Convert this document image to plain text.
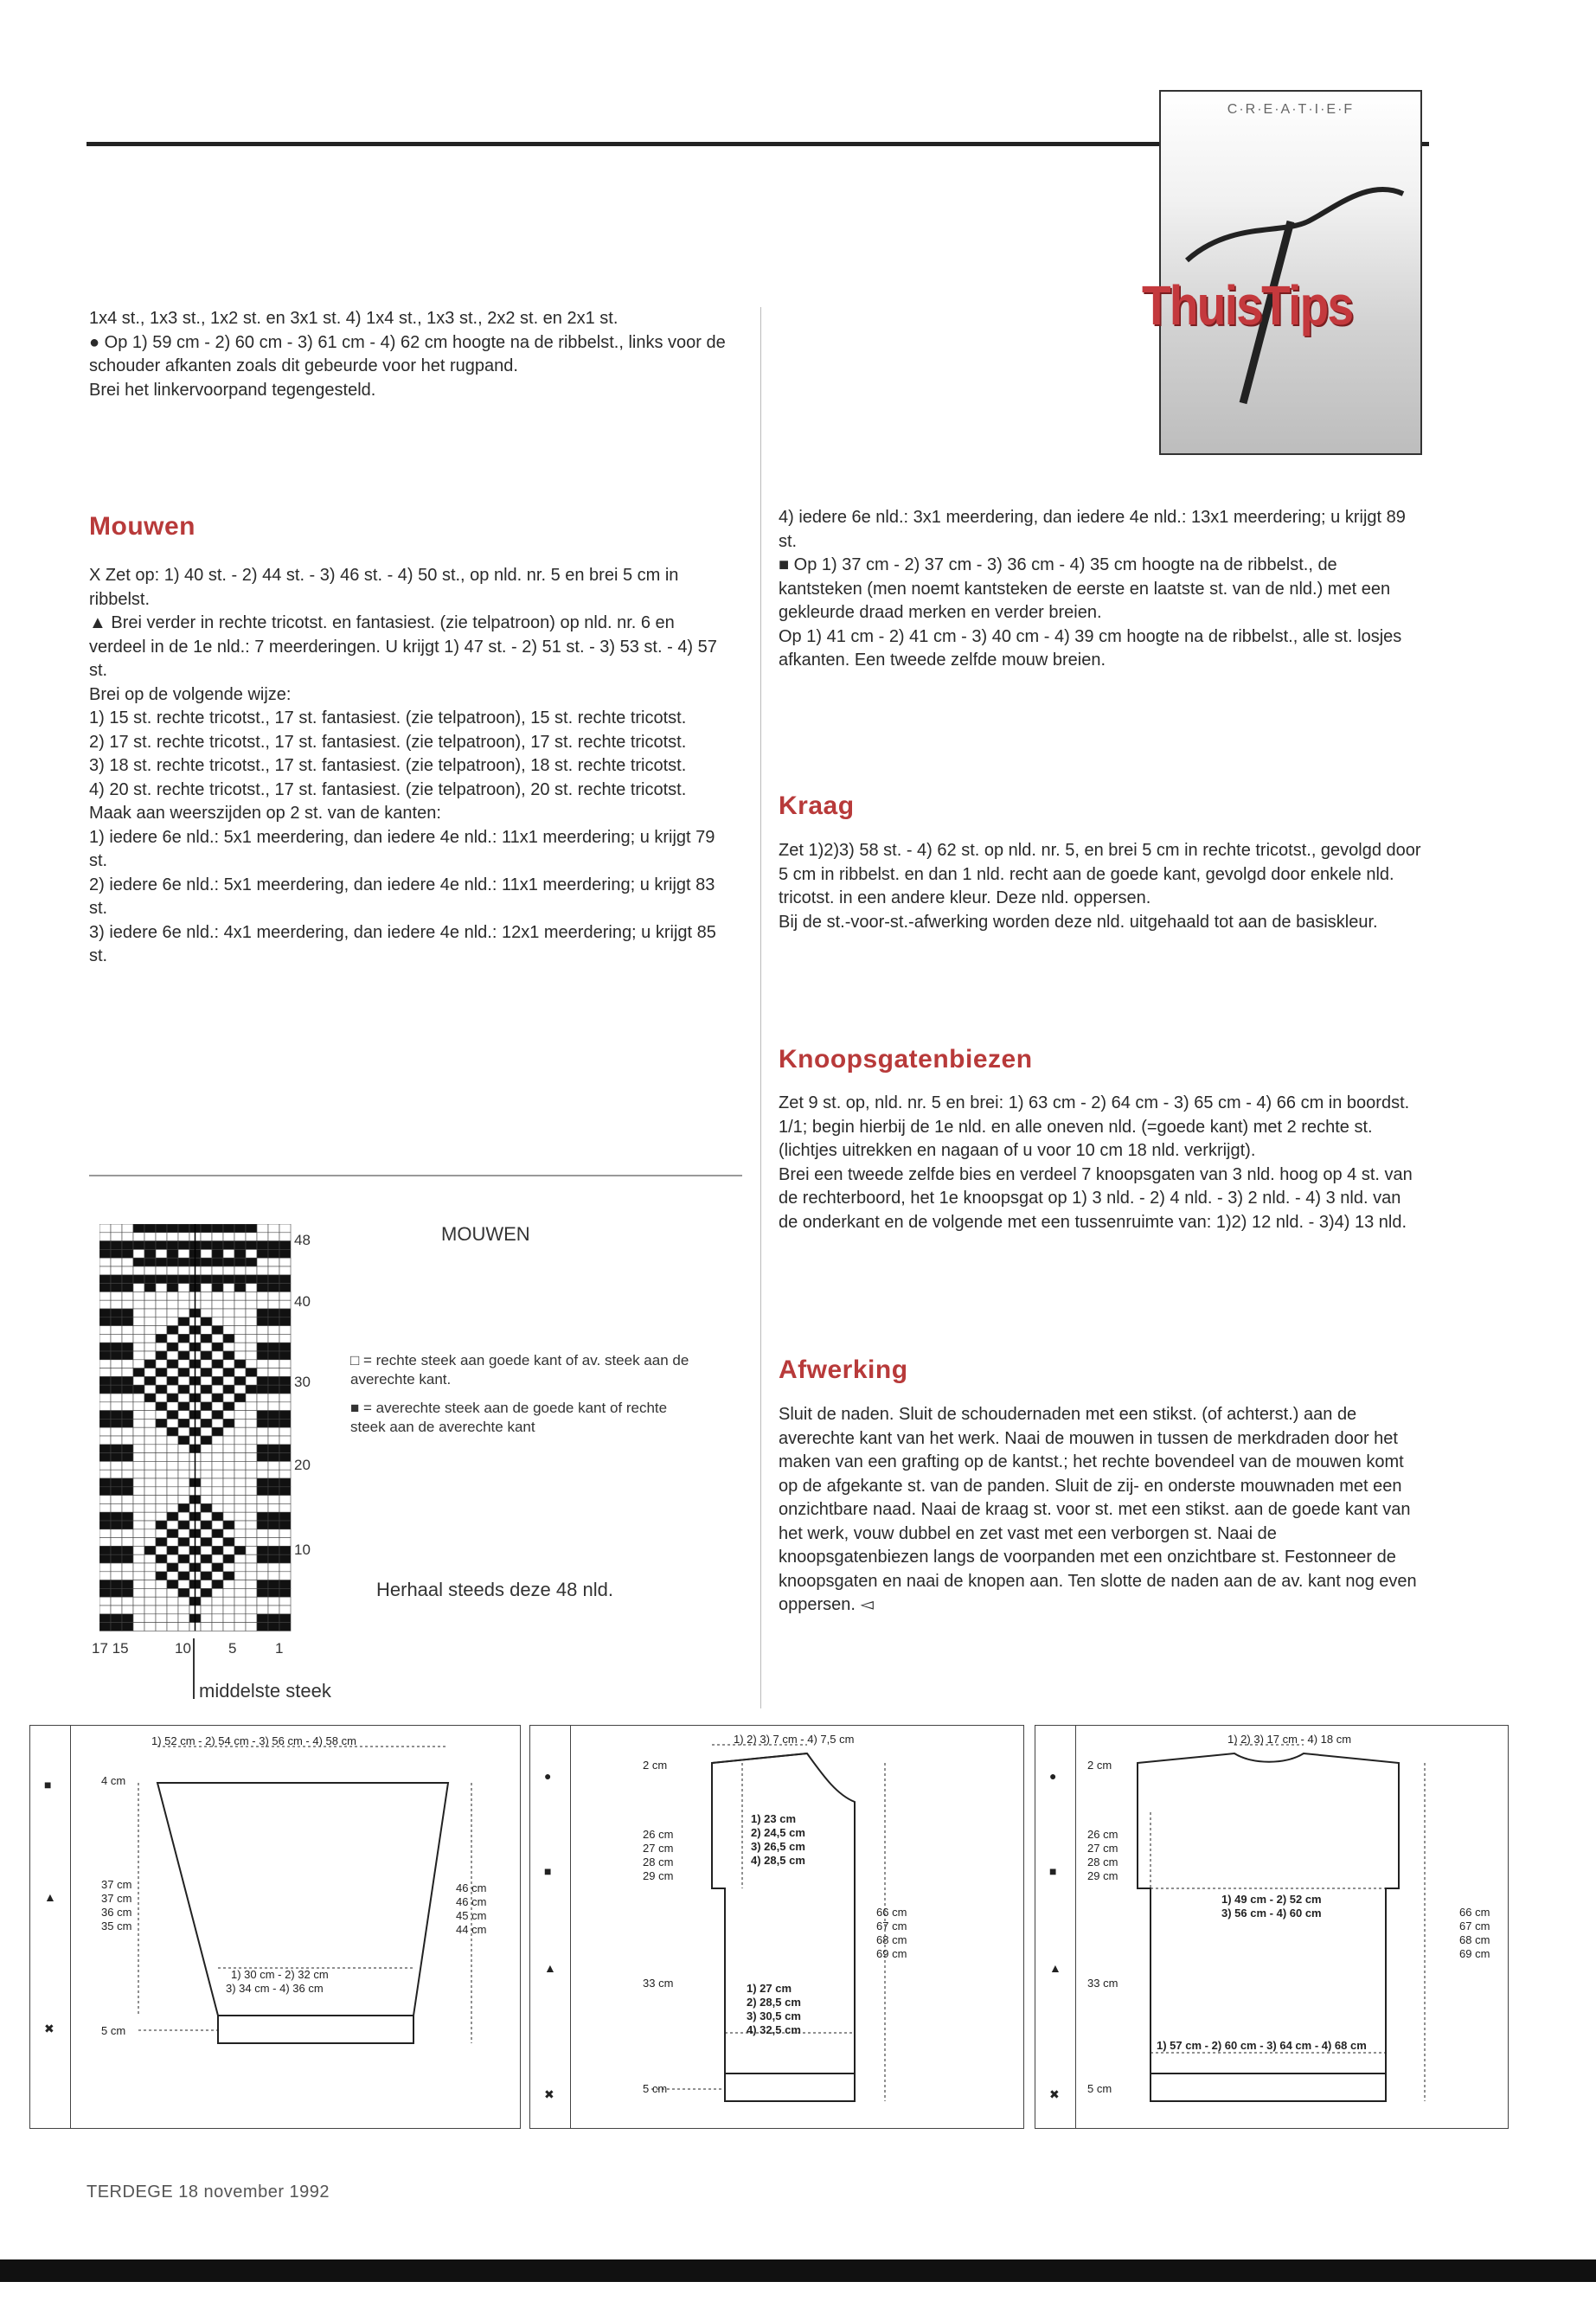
C·R·E·A·T·I·E·F
ThuisTips

1x4 st., 1x3 st., 1x2 st. en 3x1 st. 4) 1x4 st., 1x3 st., 2x2 st. en 2x1 st.

● Op 1) 59 cm - 2) 60 cm - 3) 61 cm - 4) 62 cm hoogte na de ribbelst., links voor de schouder afkanten zoals dit gebeurde voor het rugpand.

Brei het linkervoorpand tegengesteld.

Mouwen

X Zet op: 1) 40 st. - 2) 44 st. - 3) 46 st. - 4) 50 st., op nld. nr. 5 en brei 5 cm in ribbelst.

▲ Brei verder in rechte tricotst. en fantasiest. (zie telpatroon) op nld. nr. 6 en verdeel in de 1e nld.: 7 meerderingen. U krijgt 1) 47 st. - 2) 51 st. - 3) 53 st. - 4) 57 st.

Brei op de volgende wijze:

1) 15 st. rechte tricotst., 17 st. fantasiest. (zie telpatroon), 15 st. rechte tricotst.

2) 17 st. rechte tricotst., 17 st. fantasiest. (zie telpatroon), 17 st. rechte tricotst.

3) 18 st. rechte tricotst., 17 st. fantasiest. (zie telpatroon), 18 st. rechte tricotst.

4) 20 st. rechte tricotst., 17 st. fantasiest. (zie telpatroon), 20 st. rechte tricotst.

Maak aan weerszijden op 2 st. van de kanten:

1) iedere 6e nld.: 5x1 meerdering, dan iedere 4e nld.: 11x1 meerdering; u krijgt 79 st.

2) iedere 6e nld.: 5x1 meerdering, dan iedere 4e nld.: 11x1 meerdering; u krijgt 83 st.

3) iedere 6e nld.: 4x1 meerdering, dan iedere 4e nld.: 12x1 meerdering; u krijgt 85 st.

48
40
30
20
10
17 15	10	5	1
middelste steek
MOUWEN
□ = rechte steek aan goede kant of av. steek aan de averechte kant.
■ = averechte steek aan de goede kant of rechte steek aan de averechte kant
Herhaal steeds deze 48 nld.

4) iedere 6e nld.: 3x1 meerdering, dan iedere 4e nld.: 13x1 meerdering; u krijgt 89 st.

■ Op 1) 37 cm - 2) 37 cm - 3) 36 cm - 4) 35 cm hoogte na de ribbelst., de kantsteken (men noemt kantsteken de eerste en laatste st. van de nld.) met een gekleurde draad merken en verder breien.

Op 1) 41 cm - 2) 41 cm - 3) 40 cm - 4) 39 cm hoogte na de ribbelst., alle st. losjes afkanten. Een tweede zelfde mouw breien.

Kraag

Zet 1)2)3) 58 st. - 4) 62 st. op nld. nr. 5, en brei 5 cm in rechte tricotst., gevolgd door 5 cm in ribbelst. en dan 1 nld. recht aan de goede kant, gevolgd door enkele nld. tricotst. in een andere kleur. Deze nld. oppersen.

Bij de st.-voor-st.-afwerking worden deze nld. uitgehaald tot aan de basiskleur.

Knoopsgatenbiezen

Zet 9 st. op, nld. nr. 5 en brei: 1) 63 cm - 2) 64 cm - 3) 65 cm - 4) 66 cm in boordst. 1/1; begin hierbij de 1e nld. en alle oneven nld. (=goede kant) met 2 rechte st. (lichtjes uitrekken en nagaan of u voor 10 cm 18 nld. verkrijgt).

Brei een tweede zelfde bies en verdeel 7 knoopsgaten van 3 nld. hoog op 4 st. van de rechterboord, het 1e knoopsgat op 1) 3 nld. - 2) 4 nld. - 3) 2 nld. - 4) 3 nld. van de onderkant en de volgende met een tussenruimte van: 1)2) 12 nld. - 3)4) 13 nld.

Afwerking

Sluit de naden. Sluit de schoudernaden met een stikst. (of achterst.) aan de averechte kant van het werk. Naai de mouwen in tussen de merkdraden door het maken van een grafting op de kantst.; het rechte bovendeel van de mouwen komt op de afgekante st. van de panden. Sluit de zij- en onderste mouwnaden met een onzichtbare naad. Naai de kraag st. voor st. met een stikst. aan de goede kant van het werk, vouw dubbel en zet vast met een verborgen st. Naai de knoopsgatenbiezen langs de voorpanden met een onzichtbare st. Festonneer de knoopsgaten en naai de knopen aan. Ten slotte de naden aan de av. kant nog even oppersen. ◅

■
▲
✖
1) 52 cm - 2) 54 cm - 3) 56 cm - 4) 58 cm
4 cm
37 cm
37 cm
36 cm
35 cm
46 cm
46 cm
45 cm
44 cm
1) 30 cm - 2) 32 cm
3) 34 cm - 4) 36 cm
5 cm
●
■
▲
✖
1) 2) 3) 7 cm - 4) 7,5 cm
2 cm
26 cm
27 cm
28 cm
29 cm
1) 23 cm
2) 24,5 cm
3) 26,5 cm
4) 28,5 cm
66 cm
67 cm
68 cm
69 cm
33 cm	1) 27 cm
2) 28,5 cm
3) 30,5 cm
4) 32,5 cm
5 cm
●
■
▲
✖
1) 2) 3) 17 cm - 4) 18 cm
2 cm
26 cm
27 cm
28 cm
29 cm
1) 49 cm - 2) 52 cm
3) 56 cm - 4) 60 cm	66 cm
67 cm
68 cm
69 cm
33 cm
1) 57 cm - 2) 60 cm - 3) 64 cm - 4) 68 cm
5 cm
TERDEGE 18 november 1992
